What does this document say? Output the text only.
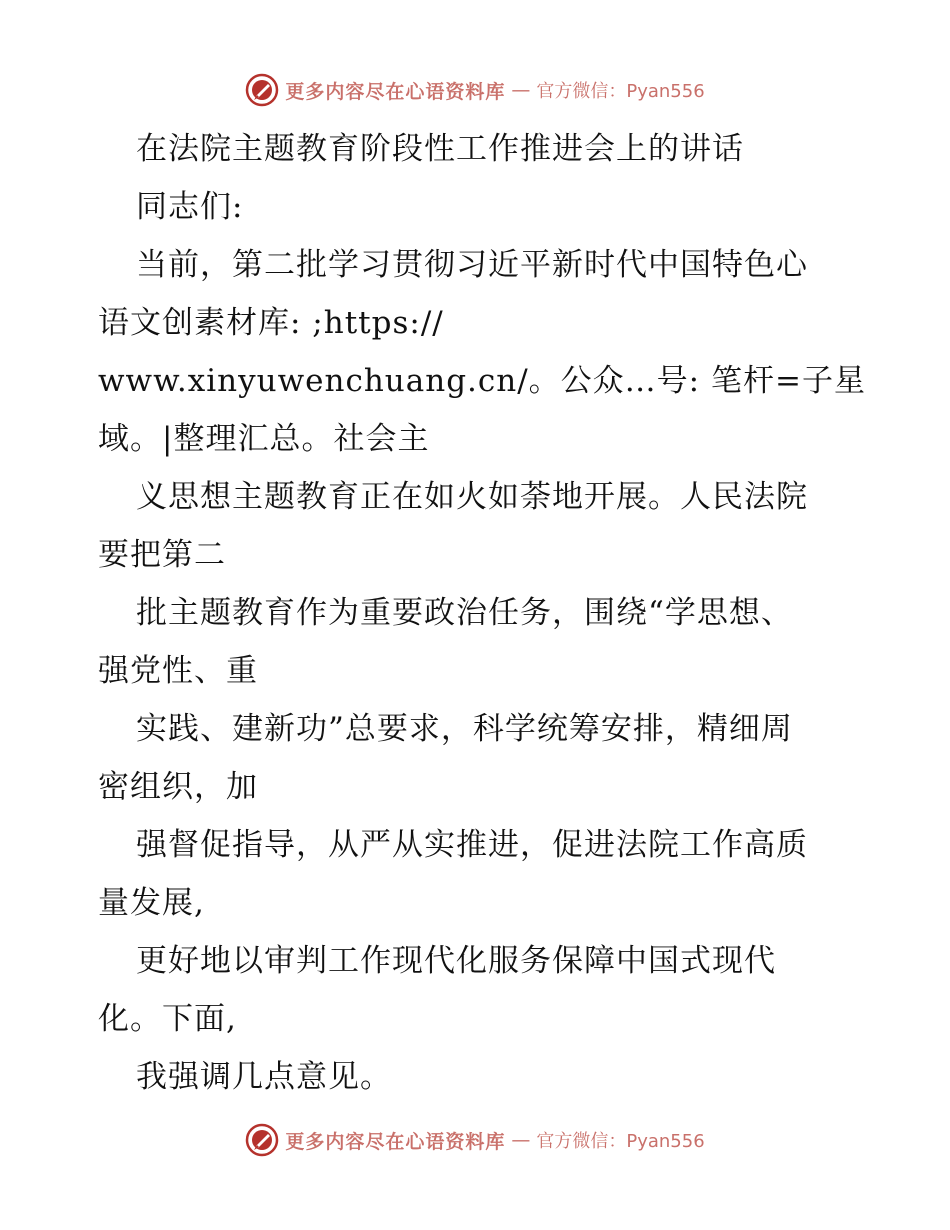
更多内容尽在心语资料库 — 官方微信：Pyan556
在法院主题教育阶段性工作推进会上的讲话
同志们:
当前，第二批学习贯彻习近平新时代中国特色心
语文创素材库: ;https://
www.xinyuwenchuang.cn/。公众…号: 笔杆=子星
域。|整理汇总。社会主
义思想主题教育正在如火如荼地开展。人民法院
要把第二
批主题教育作为重要政治任务，围绕“学思想、
强党性、重
实践、建新功”总要求，科学统筹安排，精细周
密组织，加
强督促指导，从严从实推进，促进法院工作高质
量发展,
更好地以审判工作现代化服务保障中国式现代
化。下面,
我强调几点意见。
更多内容尽在心语资料库 — 官方微信：Pyan556
